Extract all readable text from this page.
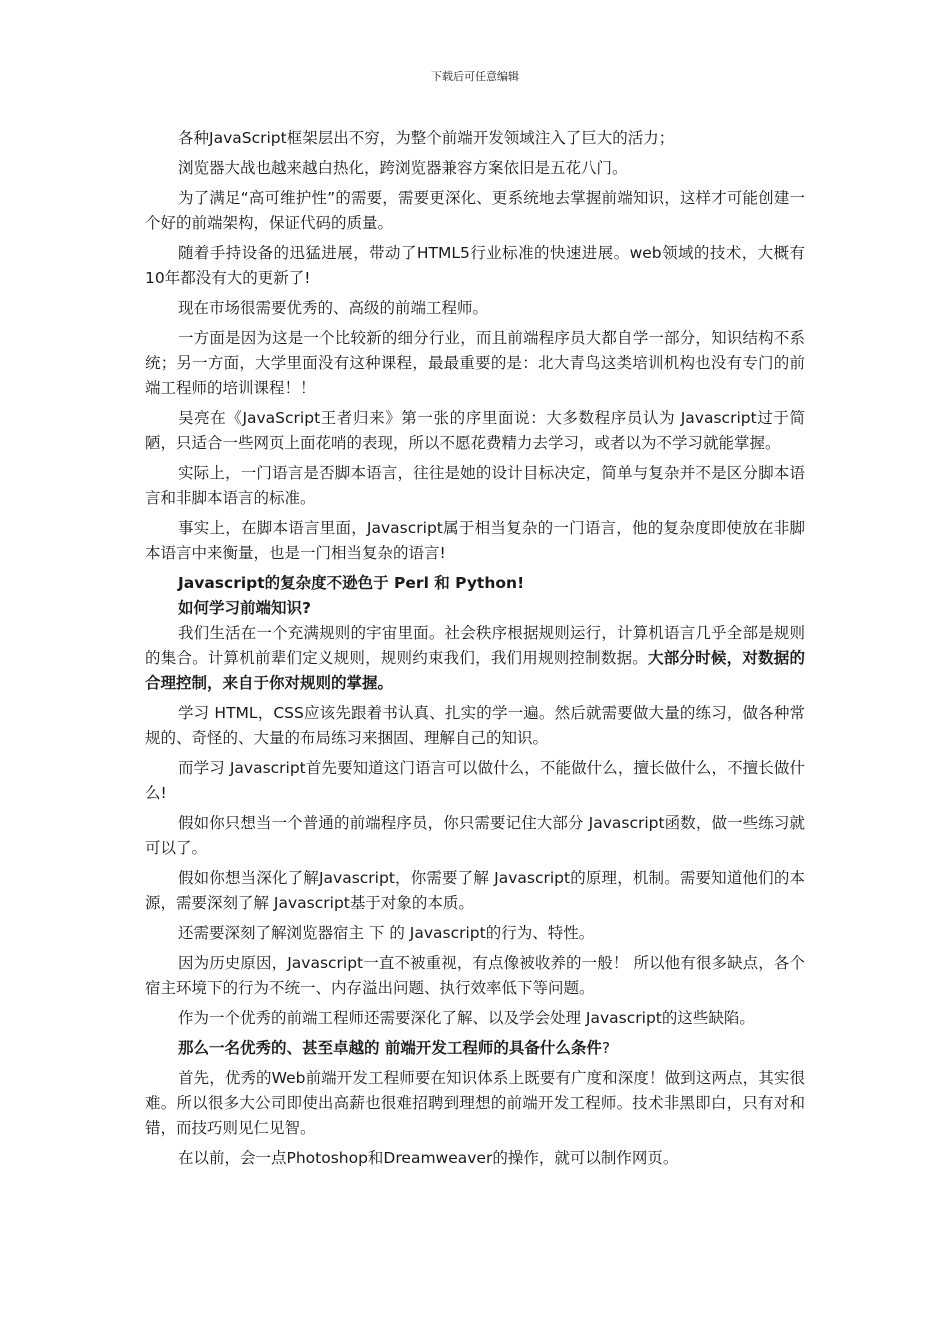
下载后可任意编辑

各种JavaScript框架层出不穷，为整个前端开发领域注入了巨大的活力；

浏览器大战也越来越白热化，跨浏览器兼容方案依旧是五花八门。

为了满足“高可维护性”的需要，需要更深化、更系统地去掌握前端知识，这样才可能创建一个好的前端架构，保证代码的质量。

随着手持设备的迅猛进展，带动了HTML5行业标准的快速进展。web领域的技术，大概有10年都没有大的更新了!

现在市场很需要优秀的、高级的前端工程师。

一方面是因为这是一个比较新的细分行业，而且前端程序员大都自学一部分，知识结构不系统；另一方面，大学里面没有这种课程，最最重要的是：北大青鸟这类培训机构也没有专门的前端工程师的培训课程！！

吴亮在《JavaScript王者归来》第一张的序里面说：大多数程序员认为 Javascript过于简陋，只适合一些网页上面花哨的表现，所以不愿花费精力去学习，或者以为不学习就能掌握。

实际上，一门语言是否脚本语言，往往是她的设计目标决定，简单与复杂并不是区分脚本语言和非脚本语言的标准。

事实上，在脚本语言里面，Javascript属于相当复杂的一门语言，他的复杂度即使放在非脚本语言中来衡量，也是一门相当复杂的语言!

Javascript的复杂度不逊色于 Perl 和 Python!

如何学习前端知识?

我们生活在一个充满规则的宇宙里面。社会秩序根据规则运行，计算机语言几乎全部是规则的集合。计算机前辈们定义规则，规则约束我们，我们用规则控制数据。大部分时候，对数据的合理控制，来自于你对规则的掌握。

学习 HTML，CSS应该先跟着书认真、扎实的学一遍。然后就需要做大量的练习，做各种常规的、奇怪的、大量的布局练习来捆固、理解自己的知识。

而学习 Javascript首先要知道这门语言可以做什么，不能做什么，擅长做什么，不擅长做什么!

假如你只想当一个普通的前端程序员，你只需要记住大部分 Javascript函数，做一些练习就可以了。

假如你想当深化了解Javascript，你需要了解 Javascript的原理，机制。需要知道他们的本源，需要深刻了解 Javascript基于对象的本质。

还需要深刻了解浏览器宿主 下 的 Javascript的行为、特性。

因为历史原因，Javascript一直不被重视，有点像被收养的一般！ 所以他有很多缺点，各个宿主环境下的行为不统一、内存溢出问题、执行效率低下等问题。

作为一个优秀的前端工程师还需要深化了解、以及学会处理 Javascript的这些缺陷。

那么一名优秀的、甚至卓越的 前端开发工程师的具备什么条件?

首先，优秀的Web前端开发工程师要在知识体系上既要有广度和深度！做到这两点，其实很难。所以很多大公司即使出高薪也很难招聘到理想的前端开发工程师。技术非黑即白，只有对和错，而技巧则见仁见智。

在以前，会一点Photoshop和Dreamweaver的操作，就可以制作网页。
